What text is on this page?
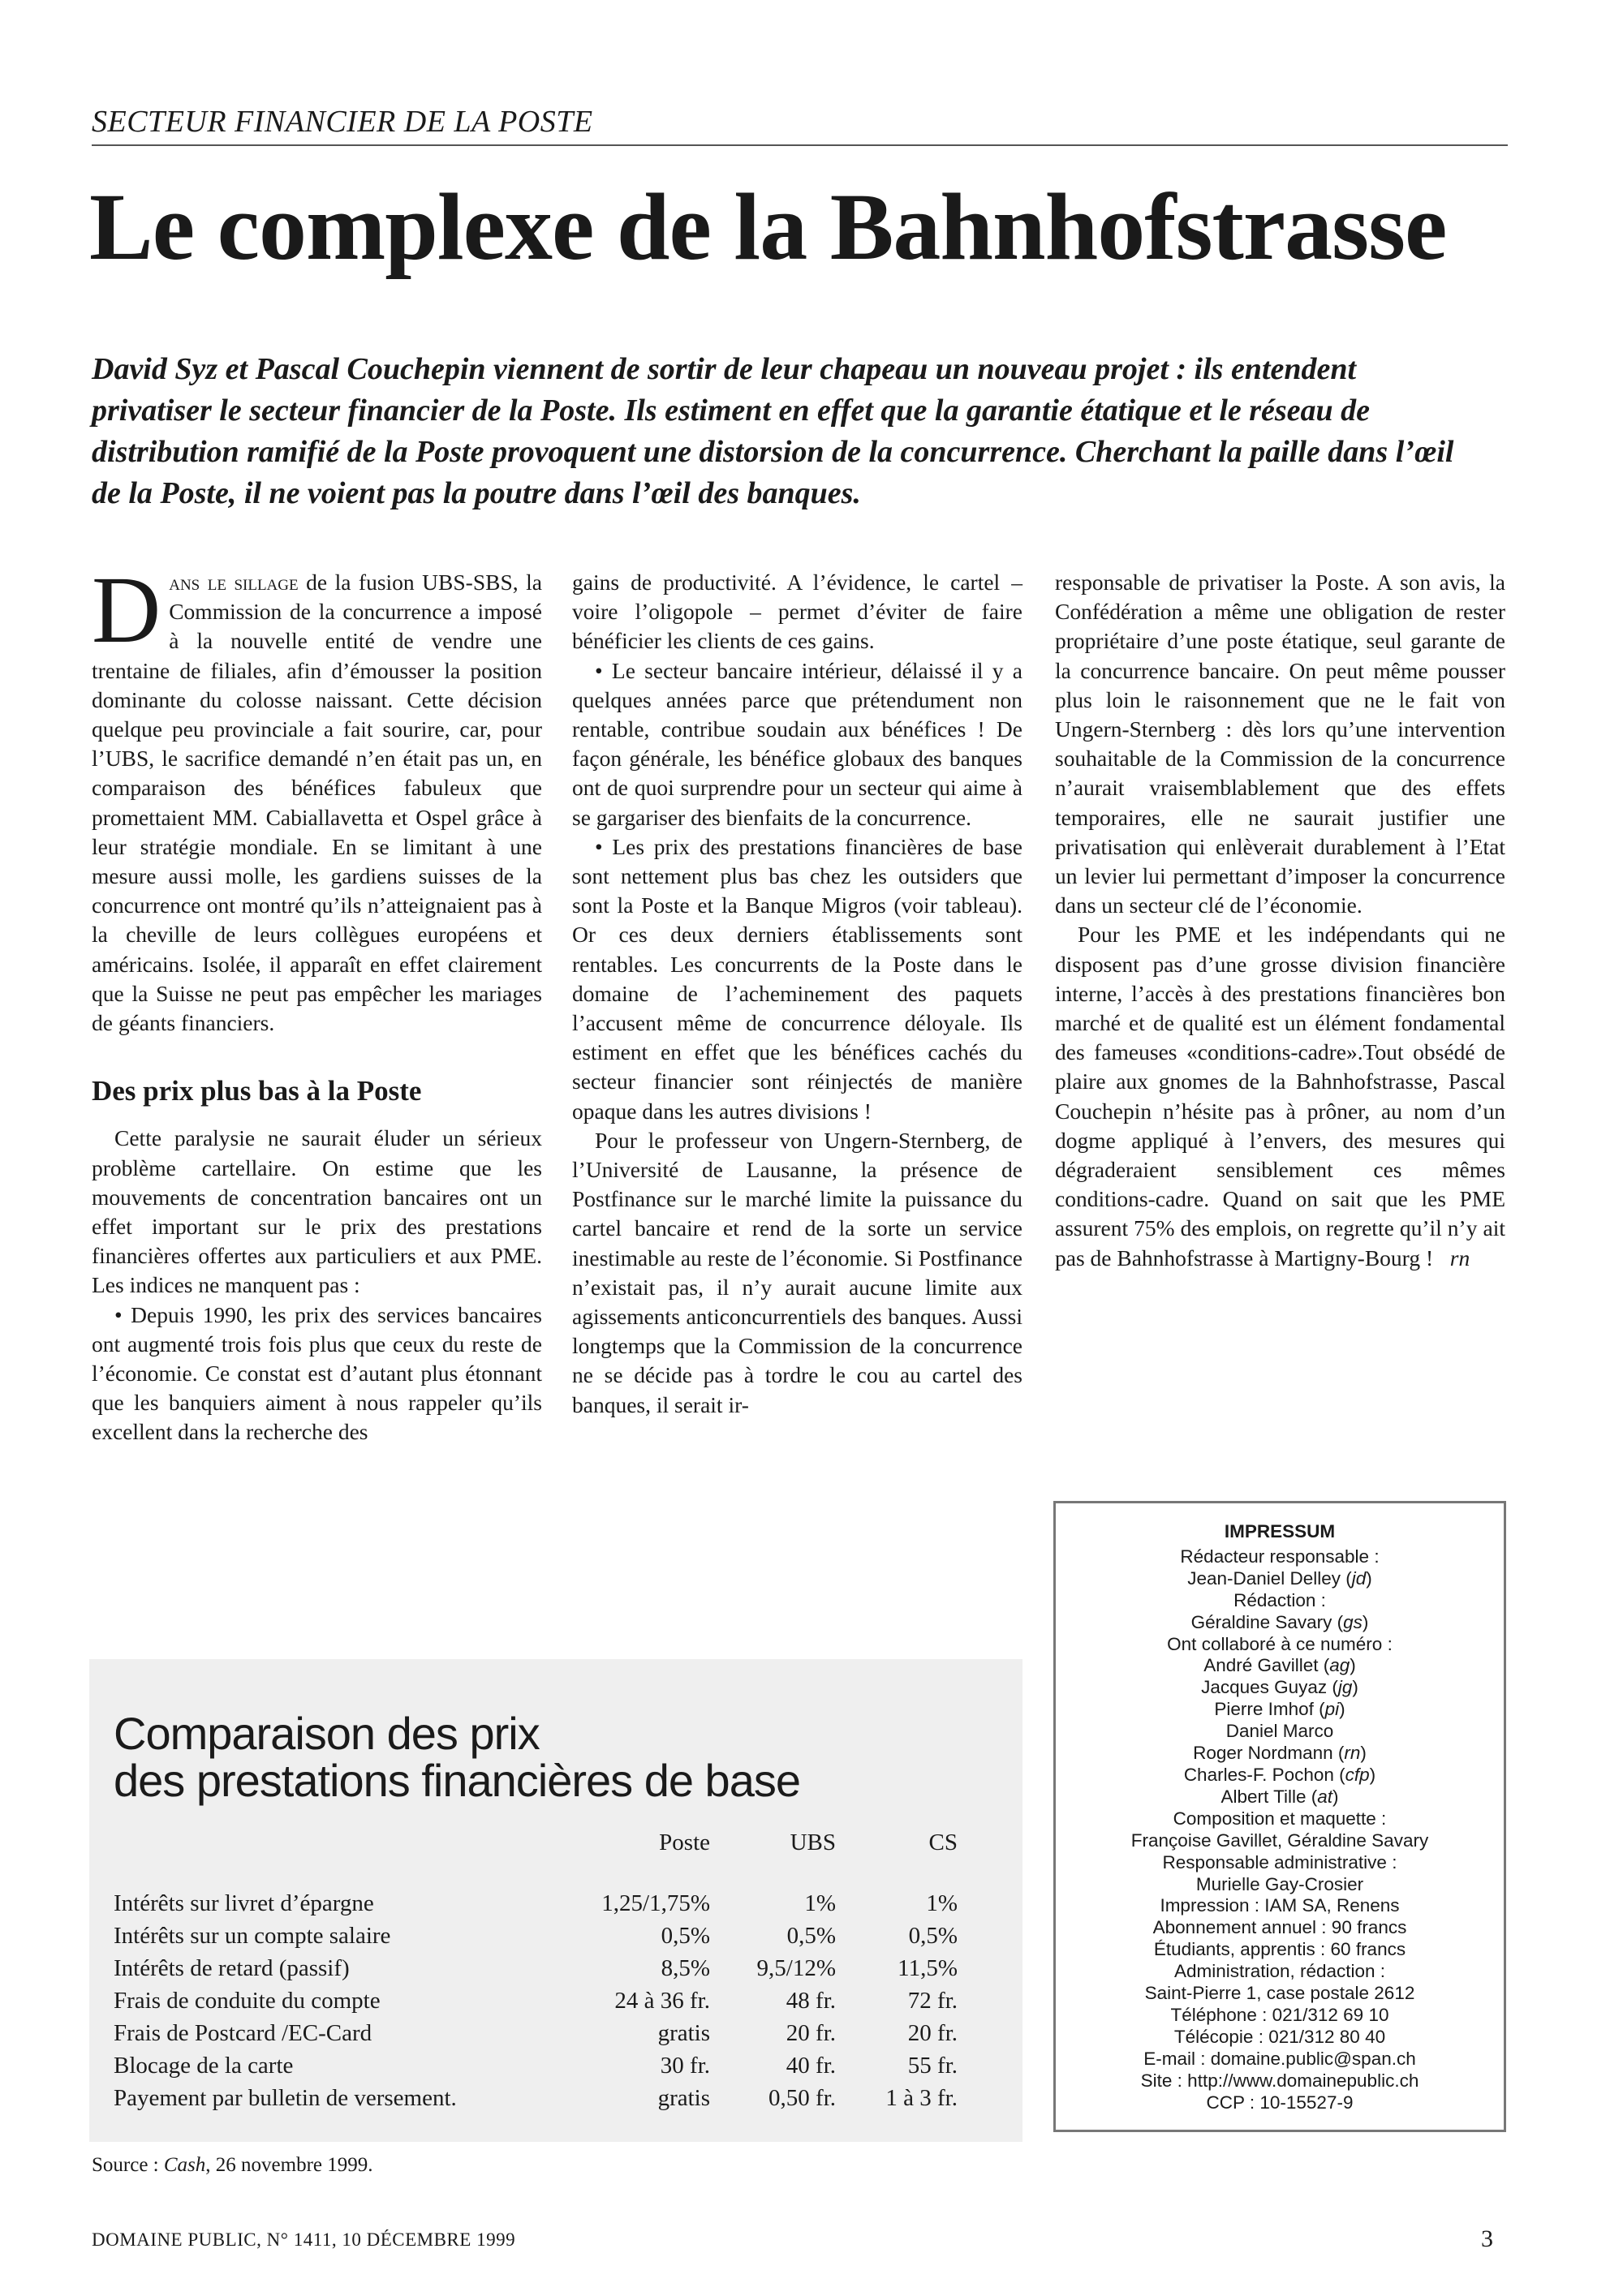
SECTEUR FINANCIER DE LA POSTE
Le complexe de la Bahnhofstrasse
David Syz et Pascal Couchepin viennent de sortir de leur chapeau un nouveau projet : ils entendent privatiser le secteur financier de la Poste. Ils estiment en effet que la garantie étatique et le réseau de distribution ramifié de la Poste provoquent une distorsion de la concurrence. Cherchant la paille dans l’œil de la Poste, il ne voient pas la poutre dans l’œil des banques.

Dans le sillage de la fusion UBS-SBS, la Commission de la concurrence a imposé à la nouvelle entité de vendre une trentaine de filiales, afin d’émousser la position dominante du colosse naissant. Cette décision quelque peu provinciale a fait sourire, car, pour l’UBS, le sacrifice demandé n’en était pas un, en comparaison des bénéfices fabuleux que promettaient MM. Cabiallavetta et Ospel grâce à leur stratégie mondiale. En se limitant à une mesure aussi molle, les gardiens suisses de la concurrence ont montré qu’ils n’atteignaient pas à la cheville de leurs collègues européens et américains. Isolée, il apparaît en effet clairement que la Suisse ne peut pas empêcher les mariages de géants financiers.

Des prix plus bas à la Poste

Cette paralysie ne saurait éluder un sérieux problème cartellaire. On estime que les mouvements de concentration bancaires ont un effet important sur le prix des prestations financières offertes aux particuliers et aux PME. Les indices ne manquent pas :

• Depuis 1990, les prix des services bancaires ont augmenté trois fois plus que ceux du reste de l’économie. Ce constat est d’autant plus étonnant que les banquiers aiment à nous rappeler qu’ils excellent dans la recherche des

gains de productivité. A l’évidence, le cartel – voire l’oligopole – permet d’éviter de faire bénéficier les clients de ces gains.

• Le secteur bancaire intérieur, délaissé il y a quelques années parce que prétendument non rentable, contribue soudain aux bénéfices ! De façon générale, les bénéfice globaux des banques ont de quoi surprendre pour un secteur qui aime à se gargariser des bienfaits de la concurrence.

• Les prix des prestations financières de base sont nettement plus bas chez les outsiders que sont la Poste et la Banque Migros (voir tableau). Or ces deux derniers établissements sont rentables. Les concurrents de la Poste dans le domaine de l’acheminement des paquets l’accusent même de concurrence déloyale. Ils estiment en effet que les bénéfices cachés du secteur financier sont réinjectés de manière opaque dans les autres divisions !

Pour le professeur von Ungern-Sternberg, de l’Université de Lausanne, la présence de Postfinance sur le marché limite la puissance du cartel bancaire et rend de la sorte un service inestimable au reste de l’économie. Si Postfinance n’existait pas, il n’y aurait aucune limite aux agissements anticoncurrentiels des banques. Aussi longtemps que la Commission de la concurrence ne se décide pas à tordre le cou au cartel des banques, il serait ir-

responsable de privatiser la Poste. A son avis, la Confédération a même une obligation de rester propriétaire d’une poste étatique, seul garante de la concurrence bancaire. On peut même pousser plus loin le raisonnement que ne le fait von Ungern-Sternberg : dès lors qu’une intervention souhaitable de la Commission de la concurrence n’aurait vraisemblablement que des effets temporaires, elle ne saurait justifier une privatisation qui enlèverait durablement à l’Etat un levier lui permettant d’imposer la concurrence dans un secteur clé de l’économie.

Pour les PME et les indépendants qui ne disposent pas d’une grosse division financière interne, l’accès à des prestations financières bon marché et de qualité est un élément fondamental des fameuses «conditions-cadre».Tout obsédé de plaire aux gnomes de la Bahnhofstrasse, Pascal Couchepin n’hésite pas à prôner, au nom d’un dogme appliqué à l’envers, des mesures qui dégraderaient sensiblement ces mêmes conditions-cadre. Quand on sait que les PME assurent 75% des emplois, on regrette qu’il n’y ait pas de Bahnhofstrasse à Martigny-Bourg ! rn

Comparaison des prix
des prestations financières de base
	Poste	UBS	CS
Intérêts sur livret d’épargne	1,25/1,75%	1%	1%
Intérêts sur un compte salaire	0,5%	0,5%	0,5%
Intérêts de retard (passif)	8,5%	9,5/12%	11,5%
Frais de conduite du compte	24 à 36 fr.	48 fr.	72 fr.
Frais de Postcard /EC-Card	gratis	20 fr.	20 fr.
Blocage de la carte	30 fr.	40 fr.	55 fr.
Payement par bulletin de versement.	gratis	0,50 fr.	1 à 3 fr.
Source : Cash, 26 novembre 1999.
IMPRESSUM
Rédacteur responsable :
Jean-Daniel Delley (jd)
Rédaction :
Géraldine Savary (gs)
Ont collaboré à ce numéro :
André Gavillet (ag)
Jacques Guyaz (jg)
Pierre Imhof (pi)
Daniel Marco
Roger Nordmann (rn)
Charles-F. Pochon (cfp)
Albert Tille (at)
Composition et maquette :
Françoise Gavillet, Géraldine Savary
Responsable administrative :
Murielle Gay-Crosier
Impression : IAM SA, Renens
Abonnement annuel : 90 francs
Étudiants, apprentis : 60 francs
Administration, rédaction :
Saint-Pierre 1, case postale 2612
Téléphone : 021/312 69 10
Télécopie : 021/312 80 40
E-mail : domaine.public@span.ch
Site : http://www.domainepublic.ch
CCP : 10-15527-9
DOMAINE PUBLIC, N° 1411, 10 DÉCEMBRE 1999	3
